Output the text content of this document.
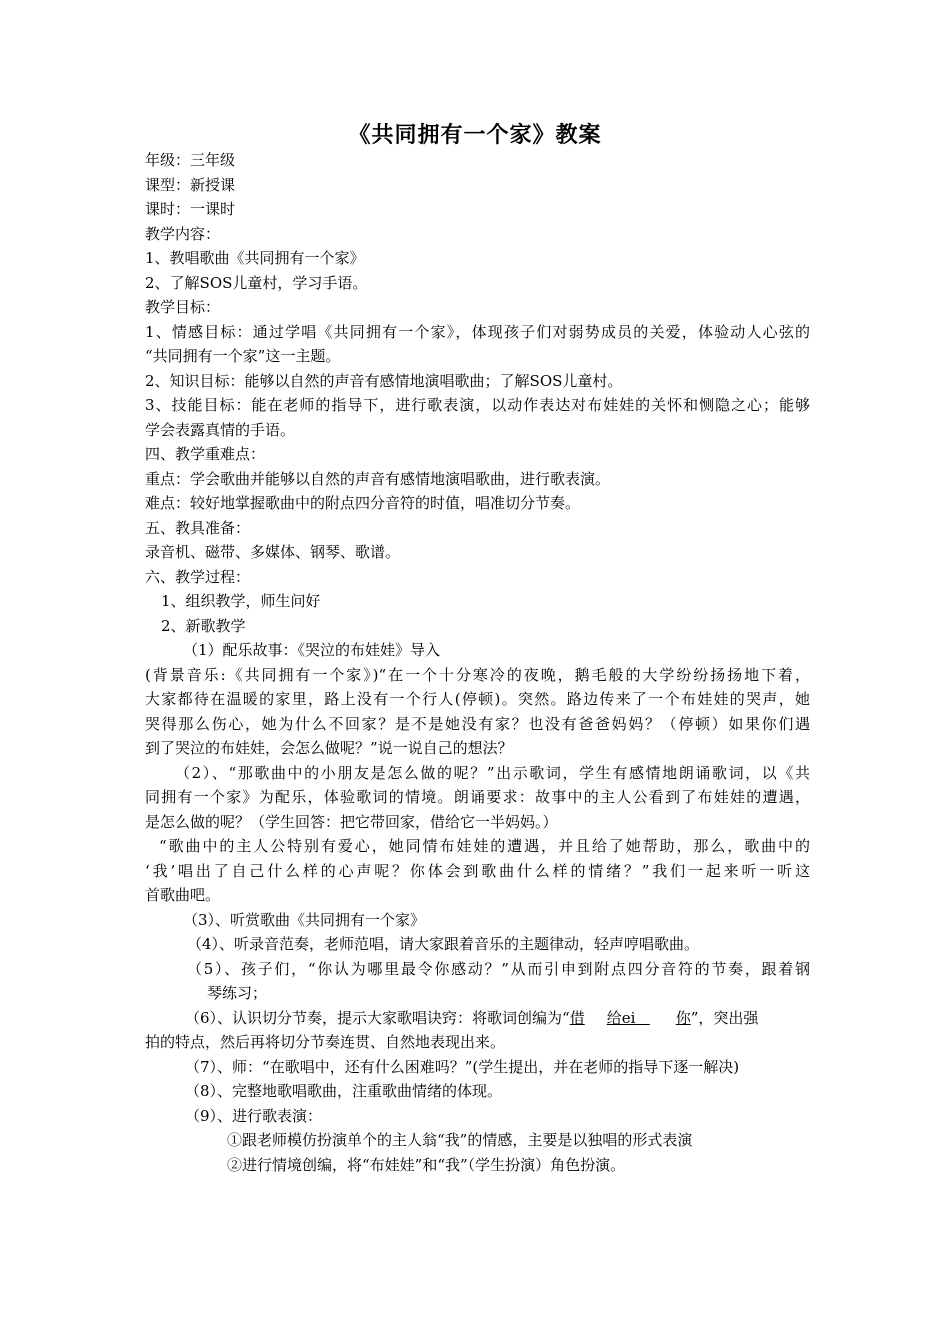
《共同拥有一个家》教案
年级：三年级
课型：新授课
课时：一课时
教学内容：
1、教唱歌曲《共同拥有一个家》
2、了解SOS儿童村，学习手语。
教学目标：
1、情感目标：通过学唱《共同拥有一个家》，体现孩子们对弱势成员的关爱，体验动人心弦的
“共同拥有一个家”这一主题。
2、知识目标：能够以自然的声音有感情地演唱歌曲；了解SOS儿童村。
3、技能目标：能在老师的指导下，进行歌表演，以动作表达对布娃娃的关怀和恻隐之心；能够
学会表露真情的手语。
四、教学重难点：
重点：学会歌曲并能够以自然的声音有感情地演唱歌曲，进行歌表演。
难点：较好地掌握歌曲中的附点四分音符的时值，唱准切分节奏。
五、教具准备：
录音机、磁带、多媒体、钢琴、歌谱。
六、教学过程：
1、组织教学，师生问好
2、新歌教学
（1）配乐故事：《哭泣的布娃娃》导入
(背景音乐:《共同拥有一个家》)“在一个十分寒冷的夜晚，鹅毛般的大学纷纷扬扬地下着，
大家都待在温暖的家里，路上没有一个行人(停顿)。突然。路边传来了一个布娃娃的哭声，她
哭得那么伤心，她为什么不回家？是不是她没有家？也没有爸爸妈妈？（停顿）如果你们遇
到了哭泣的布娃娃，会怎么做呢？”说一说自己的想法？
（2）、“那歌曲中的小朋友是怎么做的呢？”出示歌词，学生有感情地朗诵歌词，以《共
同拥有一个家》为配乐，体验歌词的情境。朗诵要求：故事中的主人公看到了布娃娃的遭遇，
是怎么做的呢？（学生回答：把它带回家，借给它一半妈妈。）
“歌曲中的主人公特别有爱心，她同情布娃娃的遭遇，并且给了她帮助，那么，歌曲中的
‘我’唱出了自己什么样的心声呢？你体会到歌曲什么样的情绪？”我们一起来听一听这
首歌曲吧。
（3）、听赏歌曲《共同拥有一个家》
（4）、听录音范奏，老师范唱，请大家跟着音乐的主题律动，轻声哼唱歌曲。
（5）、孩子们，“你认为哪里最令你感动？”从而引申到附点四分音符的节奏，跟着钢
琴练习；
（6）、认识切分节奏，提示大家歌唱诀窍：将歌词创编为“借 给ei	你”，突出强
拍的特点，然后再将切分节奏连贯、自然地表现出来。
（7）、师：“在歌唱中，还有什么困难吗？”(学生提出，并在老师的指导下逐一解决)
（8）、完整地歌唱歌曲，注重歌曲情绪的体现。
（9）、进行歌表演：
①跟老师模仿扮演单个的主人翁“我”的情感，主要是以独唱的形式表演
②进行情境创编，将“布娃娃”和“我”（学生扮演）角色扮演。
